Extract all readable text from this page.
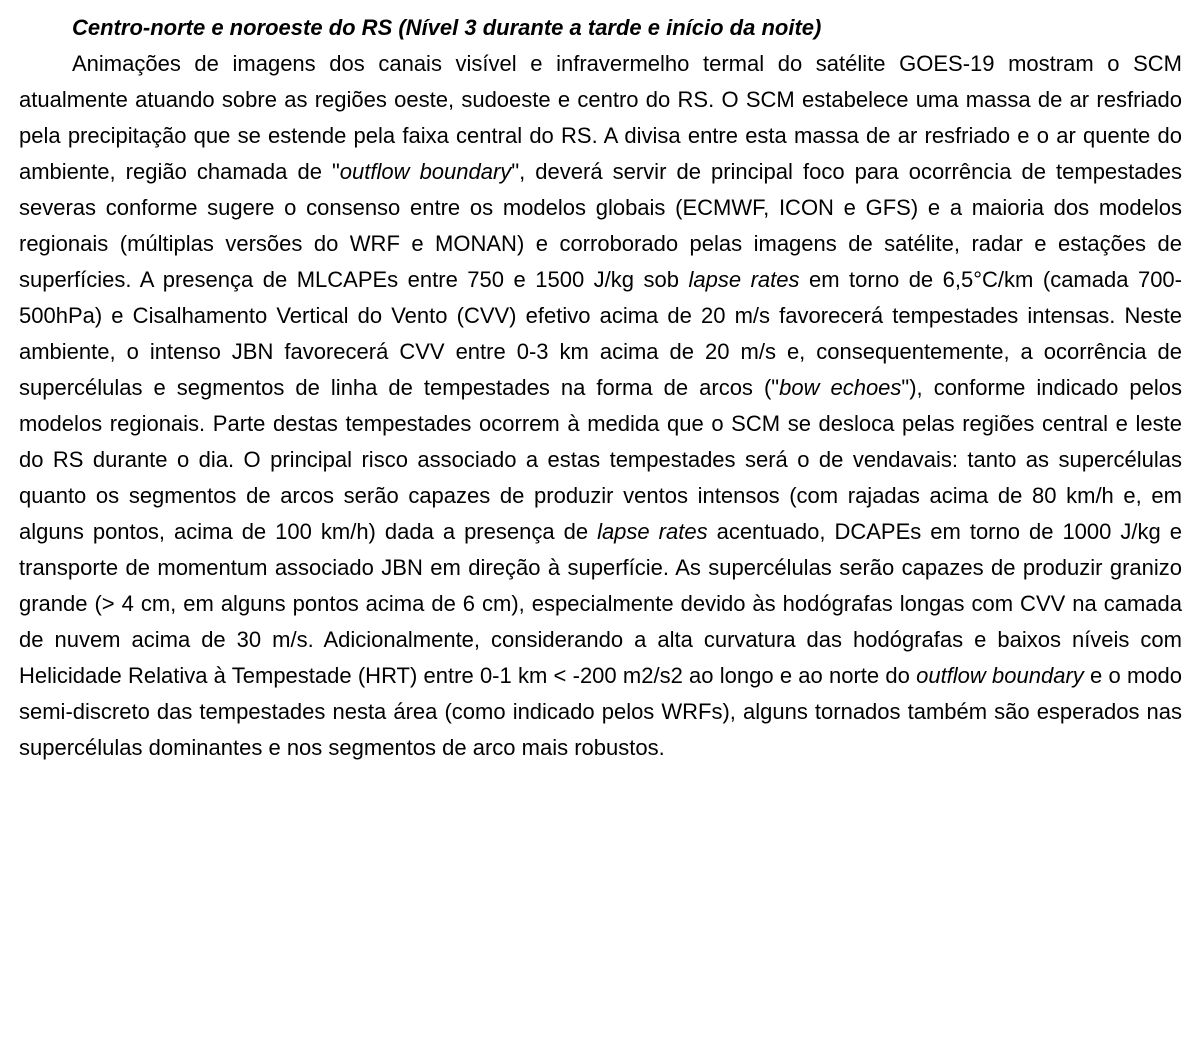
Centro-norte e noroeste do RS (Nível 3 durante a tarde e início da noite)

Animações de imagens dos canais visível e infravermelho termal do satélite GOES-19 mostram o SCM atualmente atuando sobre as regiões oeste, sudoeste e centro do RS. O SCM estabelece uma massa de ar resfriado pela precipitação que se estende pela faixa central do RS. A divisa entre esta massa de ar resfriado e o ar quente do ambiente, região chamada de "outflow boundary", deverá servir de principal foco para ocorrência de tempestades severas conforme sugere o consenso entre os modelos globais (ECMWF, ICON e GFS) e a maioria dos modelos regionais (múltiplas versões do WRF e MONAN) e corroborado pelas imagens de satélite, radar e estações de superfícies. A presença de MLCAPEs entre 750 e 1500 J/kg sob lapse rates em torno de 6,5°C/km (camada 700-500hPa) e Cisalhamento Vertical do Vento (CVV) efetivo acima de 20 m/s favorecerá tempestades intensas. Neste ambiente, o intenso JBN favorecerá CVV entre 0-3 km acima de 20 m/s e, consequentemente, a ocorrência de supercélulas e segmentos de linha de tempestades na forma de arcos ("bow echoes"), conforme indicado pelos modelos regionais. Parte destas tempestades ocorrem à medida que o SCM se desloca pelas regiões central e leste do RS durante o dia. O principal risco associado a estas tempestades será o de vendavais: tanto as supercélulas quanto os segmentos de arcos serão capazes de produzir ventos intensos (com rajadas acima de 80 km/h e, em alguns pontos, acima de 100 km/h) dada a presença de lapse rates acentuado, DCAPEs em torno de 1000 J/kg e transporte de momentum associado JBN em direção à superfície. As supercélulas serão capazes de produzir granizo grande (> 4 cm, em alguns pontos acima de 6 cm), especialmente devido às hodógrafas longas com CVV na camada de nuvem acima de 30 m/s. Adicionalmente, considerando a alta curvatura das hodógrafas e baixos níveis com Helicidade Relativa à Tempestade (HRT) entre 0-1 km < -200 m2/s2 ao longo e ao norte do outflow boundary e o modo semi-discreto das tempestades nesta área (como indicado pelos WRFs), alguns tornados também são esperados nas supercélulas dominantes e nos segmentos de arco mais robustos.
